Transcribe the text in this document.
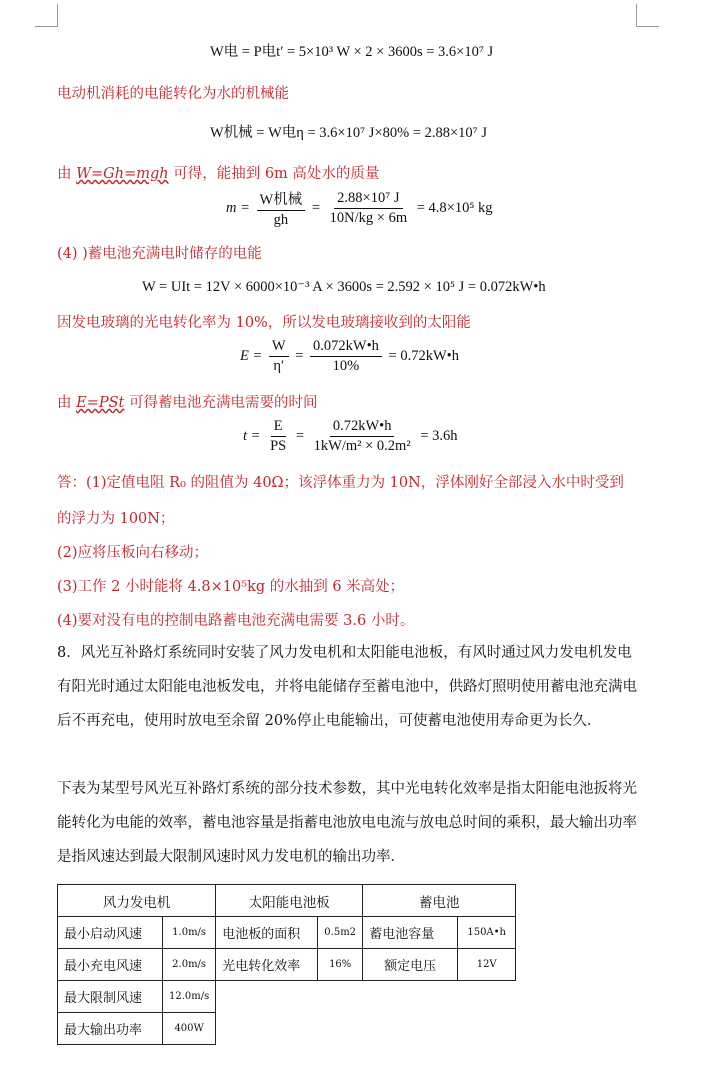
W电 = P电t′ = 5×10³ W × 2 × 3600s = 3.6×10⁷ J
电动机消耗的电能转化为水的机械能
W机械 = W电η = 3.6×10⁷ J×80% = 2.88×10⁷ J
由 W=Gh=mgh 可得，能抽到 6m 高处水的质量
$m = \frac{\text{W机械}}{gh} = \frac{\text{2.88×10⁷ J}}{10N/kg \times 6m} = 4.8\times 10^5$ kg
(4) )蓄电池充满电时储存的电能
W = UIt = 12V × 6000×10⁻³ A × 3600s = 2.592 × 10⁵ J = 0.072kW•h
因发电玻璃的光电转化率为 10%，所以发电玻璃接收到的太阳能
$E = \frac{W}{\eta'} = \frac{0.072kW•h}{10\%}$ = 0.72kW•h
由 E=PSt 可得蓄电池充满电需要的时间
$t = \frac{E}{PS} = \frac{0.72kW•h}{\text{1kW/m² × 0.2m²}} = 3.6h$
答：(1)定值电阻 R₀ 的阻值为 40Ω；该浮体重力为 10N，浮体刚好全部浸入水中时受到
的浮力为 100N；
(2)应将压板向右移动；
(3)工作 2 小时能将 4.8×10⁵kg 的水抽到 6 米高处；
(4)要对没有电的控制电路蓄电池充满电需要 3.6 小时。
8．风光互补路灯系统同时安装了风力发电机和太阳能电池板，有风时通过风力发电机发电　有阳光时通过太阳能电池板发电，并将电能储存至蓄电池中，供路灯照明使用蓄电池充满电后不再充电，使用时放电至余留 20%停止电能输出，可使蓄电池使用寿命更为长久．
下表为某型号风光互补路灯系统的部分技术参数，其中光电转化效率是指太阳能电池扳将光能转化为电能的效率，蓄电池容量是指蓄电池放电电流与放电总时间的乘积，最大输出功率是指风速达到最大限制风速时风力发电机的输出功率．
风力发电机		太阳能电池板		蓄电池	
最小启动风速	1.0m/s	电池板的面积	0.5m2	蓄电池容量	150A•h
最小充电风速	2.0m/s	光电转化效率	16%	额定电压	12V
最大限制风速	12.0m/s				
最大输出功率	400W				
